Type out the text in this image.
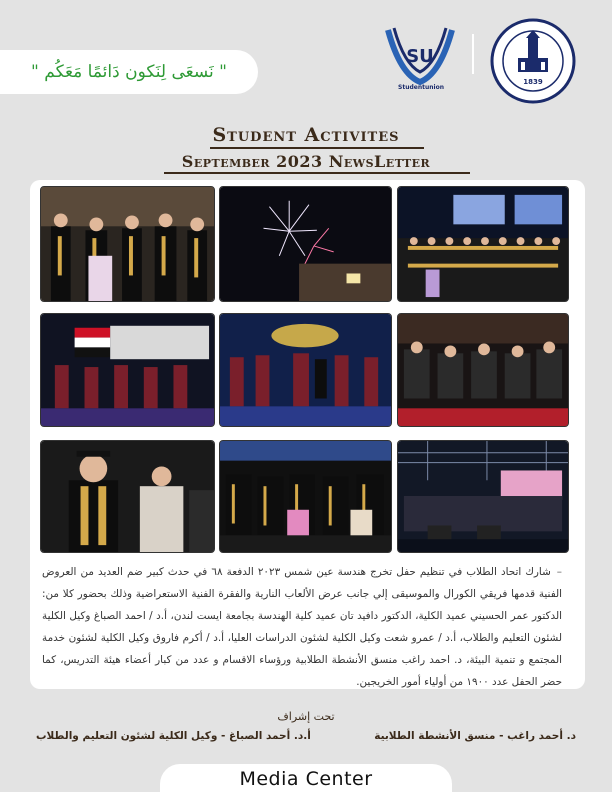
" نَسعَى لِنَكون دَائمًا مَعَكُم "
SU
Studentunion
1839
Student Activites
September 2023 NewsLetter
–شارك اتحاد الطلاب في تنظيم حفل تخرج هندسة عين شمس ٢٠٢٣ الدفعة ٦٨ في حدث كبير ضم العديد من العروض الفنية قدمها فريقي الكورال والموسيقى إلي جانب عرض الألعاب النارية والفقرة الفنية الاستعراضية وذلك بحضور كلا من: الدكتور عمر الحسيني عميد الكلية، الدكتور دافيد تان عميد كلية الهندسة بجامعة ايست لندن، أ.د / احمد الصباغ وكيل الكلية لشئون التعليم والطلاب، أ.د / عمرو شعت وكيل الكلية لشئون الدراسات العليا، أ.د / أكرم فاروق وكيل الكلية لشئون خدمة المجتمع و تنمية البيئة، د. احمد راغب منسق الأنشطة الطلابية ورؤساء الاقسام و عدد من كبار أعضاء هيئة التدريس، كما حضر الحفل عدد ١٩٠٠ من أولياء أمور الخريجين.
تحت إشراف
د. أحمد راغب - منسق الأنشطة الطلابية
أ.د. أحمد الصباغ - وكيل الكلية لشئون التعليم والطلاب
Media Center
